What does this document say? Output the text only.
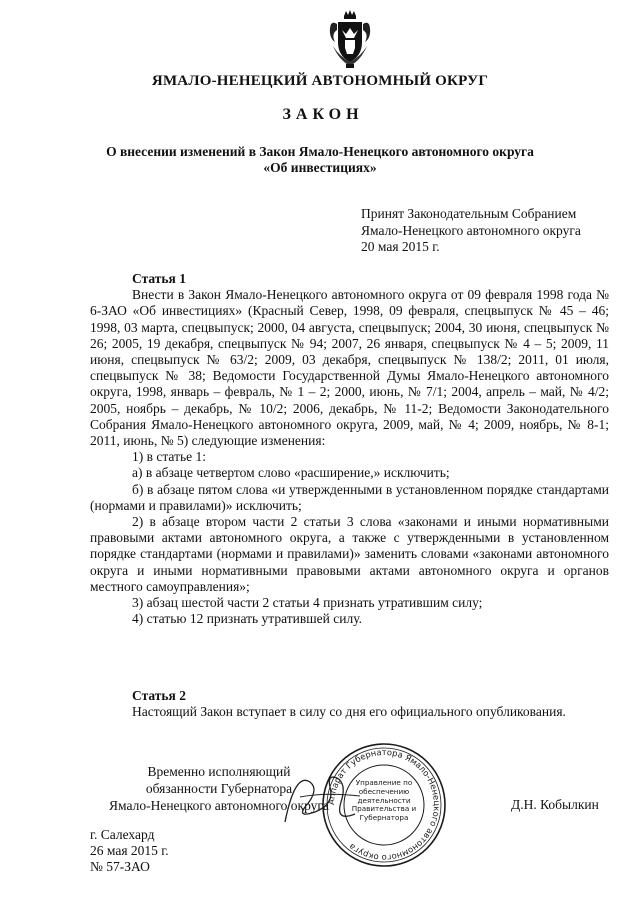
ЯМАЛО-НЕНЕЦКИЙ АВТОНОМНЫЙ ОКРУГ
ЗАКОН
О внесении изменений в Закон Ямало-Ненецкого автономного округа
«Об инвестициях»
Принят Законодательным Собранием
Ямало-Ненецкого автономного округа
20 мая 2015 г.
Статья 1
Внести в Закон Ямало-Ненецкого автономного округа от 09 февраля 1998 года № 6-ЗАО «Об инвестициях» (Красный Север, 1998, 09 февраля, спецвыпуск № 45 – 46; 1998, 03 марта, спецвыпуск; 2000, 04 августа, спецвыпуск; 2004, 30 июня, спецвыпуск № 26; 2005, 19 декабря, спецвыпуск № 94; 2007, 26 января, спецвыпуск № 4 – 5; 2009, 11 июня, спецвыпуск № 63/2; 2009, 03 декабря, спецвыпуск № 138/2; 2011, 01 июля, спецвыпуск № 38; Ведомости Государственной Думы Ямало-Ненецкого автономного округа, 1998, январь – февраль, № 1 – 2; 2000, июнь, № 7/1; 2004, апрель – май, № 4/2; 2005, ноябрь – декабрь, № 10/2; 2006, декабрь, № 11-2; Ведомости Законодательного Собрания Ямало-Ненецкого автономного округа, 2009, май, № 4; 2009, ноябрь, № 8-1; 2011, июнь, № 5) следующие изменения:
1) в статье 1:
а) в абзаце четвертом слово «расширение,» исключить;
б) в абзаце пятом слова «и утвержденными в установленном порядке стандартами (нормами и правилами)» исключить;
2) в абзаце втором части 2 статьи 3 слова «законами и иными нормативными правовыми актами автономного округа, а также с утвержденными в установленном порядке стандартами (нормами и правилами)» заменить словами «законами автономного округа и иными нормативными правовыми актами автономного округа и органов местного самоуправления»;
3) абзац шестой части 2 статьи 4 признать утратившим силу;
4) статью 12 признать утратившей силу.
Статья 2
Настоящий Закон вступает в силу со дня его официального опубликования.
Временно исполняющий
обязанности Губернатора
Ямало-Ненецкого автономного округа	Д.Н. Кобылкин
Аппарат Губернатора Ямало-Ненецкого автономного округа
Управление по обеспечению деятельности Правительства и Губернатора
г. Салехард
26 мая 2015 г.
№ 57-ЗАО
